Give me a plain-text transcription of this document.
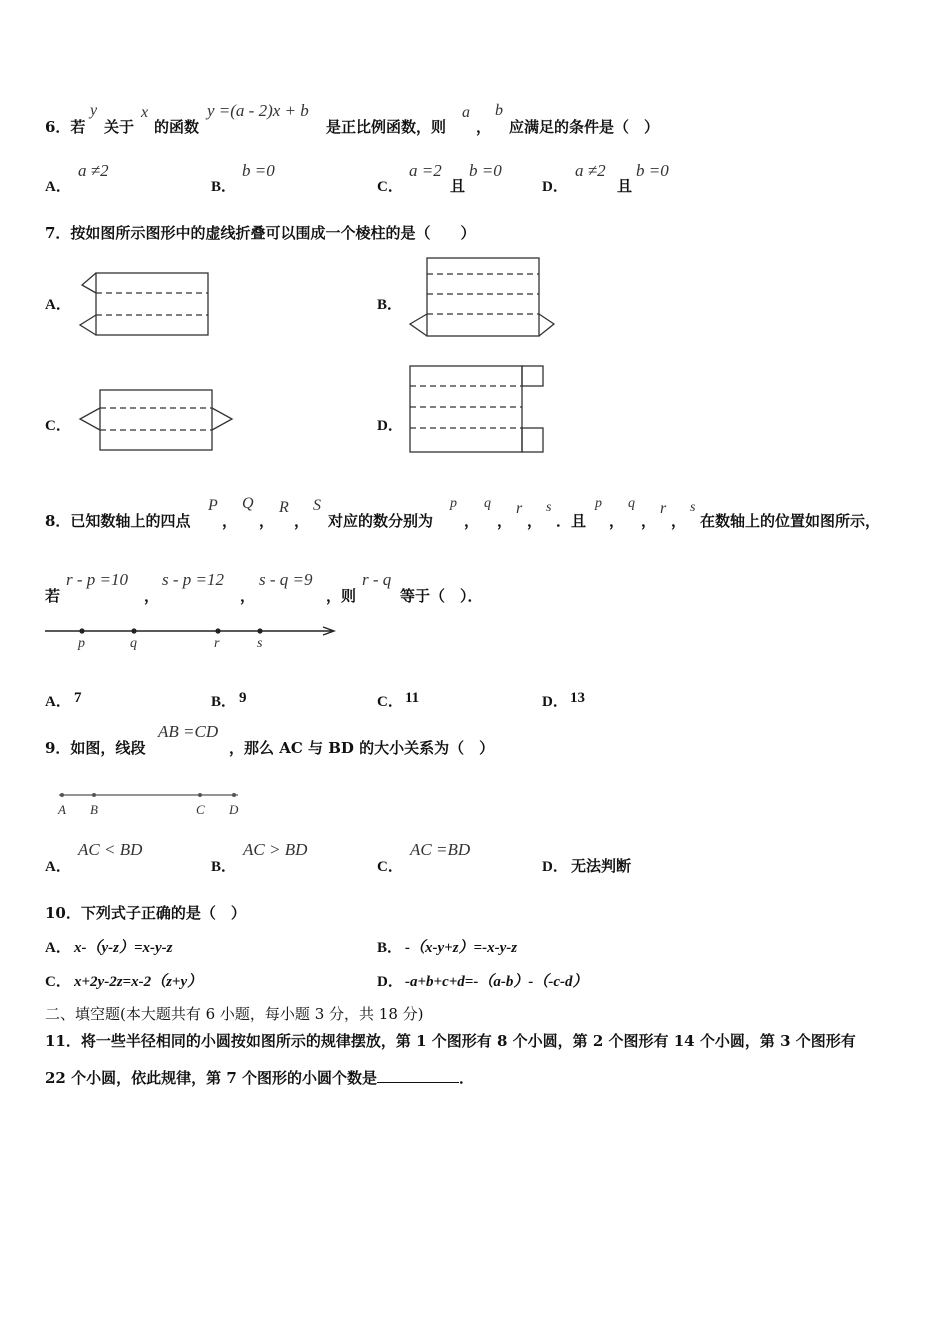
6．若
y
关于
x
的函数
y =(a - 2)x + b
是正比例函数，则
a
，
b
应满足的条件是（　）
A．
a ≠2
B．
b =0
C．
a =2
且
b =0
D．
a ≠2
且
b =0
7．按如图所示图形中的虚线折叠可以围成一个棱柱的是（　　）
A．	B．
C．	D．
8．已知数轴上的四点
P
，
Q
，
R
，
S
对应的数分别为
p
，
q
，
r
，
s
．且
p
，
q
，
r
，
s
在数轴上的位置如图所示，
若
r - p =10
，
s - p =12
，
s - q =9
，则
r - q
等于（　）．
p	q	r	s
A． 7	B． 9	C． 11	D． 13
9．如图，线段
AB =CD
，那么 AC 与 BD 的大小关系为（　）
A B	C D
A．
AC < BD
B．
AC > BD
C．
AC =BD
D． 无法判断
10．下列式子正确的是（　）
A． x-（y-z）=x-y-z	B． -（x-y+z）=-x-y-z
C． x+2y-2z=x-2（z+y）	D． -a+b+c+d=-（a-b）-（-c-d）
二、填空题(本大题共有 6 小题，每小题 3 分，共 18 分)
11．将一些半径相同的小圆按如图所示的规律摆放，第 1 个图形有 8 个小圆，第 2 个图形有 14 个小圆，第 3 个图形有
22 个小圆，依此规律，第 7 个图形的小圆个数是	．
